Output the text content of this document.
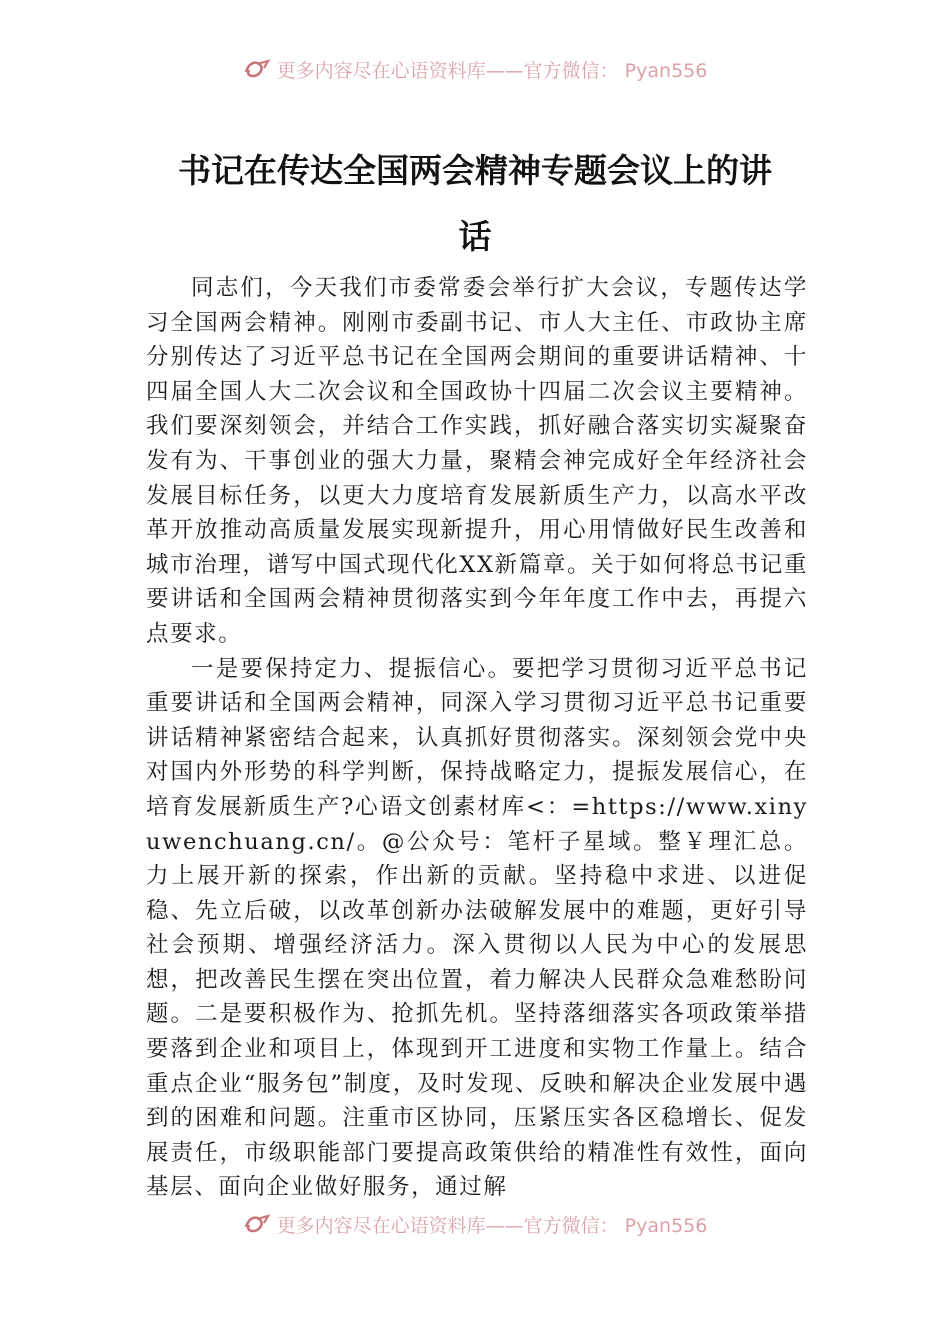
更多内容尽在心语资料库——官方微信： Pyan556
书记在传达全国两会精神专题会议上的讲
话

同志们，今天我们市委常委会举行扩大会议，专题传达学习全国两会精神。刚刚市委副书记、市人大主任、市政协主席分别传达了习近平总书记在全国两会期间的重要讲话精神、十四届全国人大二次会议和全国政协十四届二次会议主要精神。我们要深刻领会，并结合工作实践，抓好融合落实切实凝聚奋发有为、干事创业的强大力量，聚精会神完成好全年经济社会发展目标任务，以更大力度培育发展新质生产力，以高水平改革开放推动高质量发展实现新提升，用心用情做好民生改善和城市治理，谱写中国式现代化XX新篇章。关于如何将总书记重要讲话和全国两会精神贯彻落实到今年年度工作中去，再提六点要求。

一是要保持定力、提振信心。要把学习贯彻习近平总书记重要讲话和全国两会精神，同深入学习贯彻习近平总书记重要讲话精神紧密结合起来，认真抓好贯彻落实。深刻领会党中央对国内外形势的科学判断，保持战略定力，提振发展信心，在培育发展新质生产?心语文创素材库<：=https://www.xinyuwenchuang.cn/。@公众号：笔杆子星域。整￥理汇总。力上展开新的探索，作出新的贡献。坚持稳中求进、以进促稳、先立后破，以改革创新办法破解发展中的难题，更好引导社会预期、增强经济活力。深入贯彻以人民为中心的发展思想，把改善民生摆在突出位置，着力解决人民群众急难愁盼问题。二是要积极作为、抢抓先机。坚持落细落实各项政策举措要落到企业和项目上，体现到开工进度和实物工作量上。结合重点企业“服务包”制度，及时发现、反映和解决企业发展中遇到的困难和问题。注重市区协同，压紧压实各区稳增长、促发展责任，市级职能部门要提高政策供给的精准性有效性，面向基层、面向企业做好服务，通过解

更多内容尽在心语资料库——官方微信： Pyan556
